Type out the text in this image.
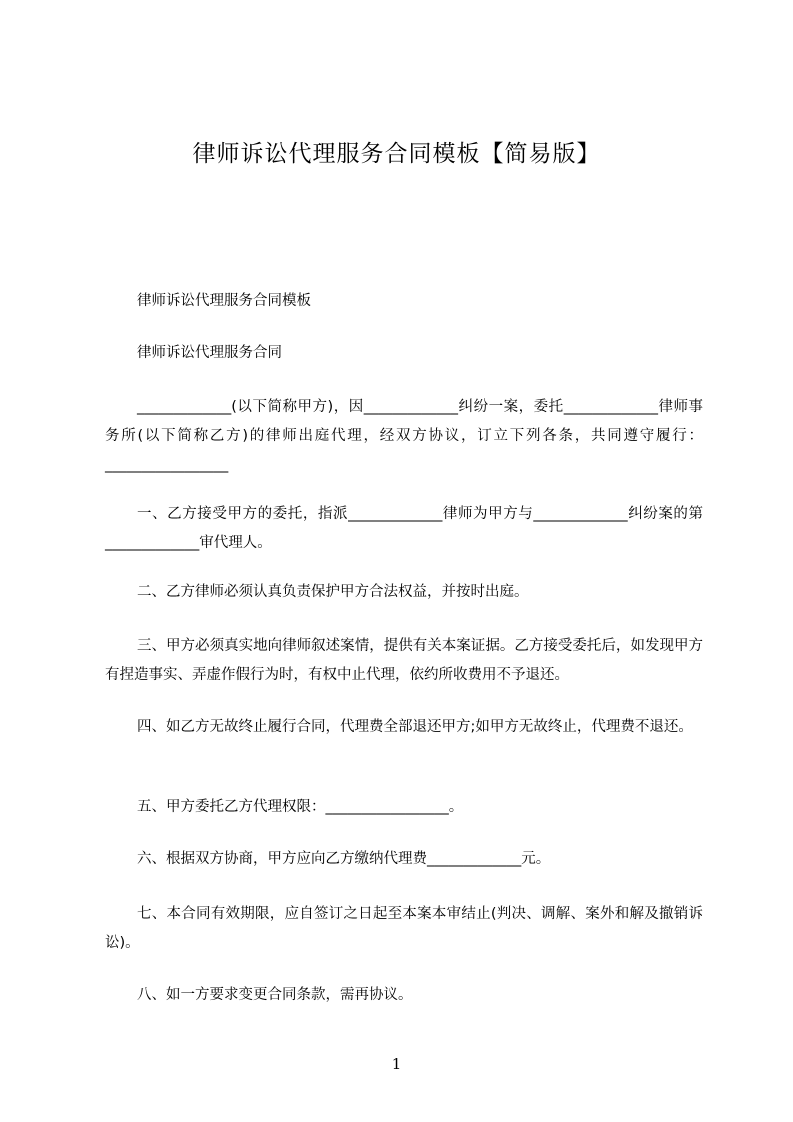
律师诉讼代理服务合同模板【简易版】

律师诉讼代理服务合同模板

律师诉讼代理服务合同

_____________(以下简称甲方)，因_____________纠纷一案，委托_____________律师事务所(以下简称乙方)的律师出庭代理，经双方协议，订立下列各条，共同遵守履行：_________________

一、乙方接受甲方的委托，指派_____________律师为甲方与_____________纠纷案的第_____________审代理人。

二、乙方律师必须认真负责保护甲方合法权益，并按时出庭。

三、甲方必须真实地向律师叙述案情，提供有关本案证据。乙方接受委托后，如发现甲方有捏造事实、弄虚作假行为时，有权中止代理，依约所收费用不予退还。

四、如乙方无故终止履行合同，代理费全部退还甲方;如甲方无故终止，代理费不退还。

五、甲方委托乙方代理权限：_________________。

六、根据双方协商，甲方应向乙方缴纳代理费_____________元。

七、本合同有效期限，应自签订之日起至本案本审结止(判决、调解、案外和解及撤销诉讼)。

八、如一方要求变更合同条款，需再协议。

1
